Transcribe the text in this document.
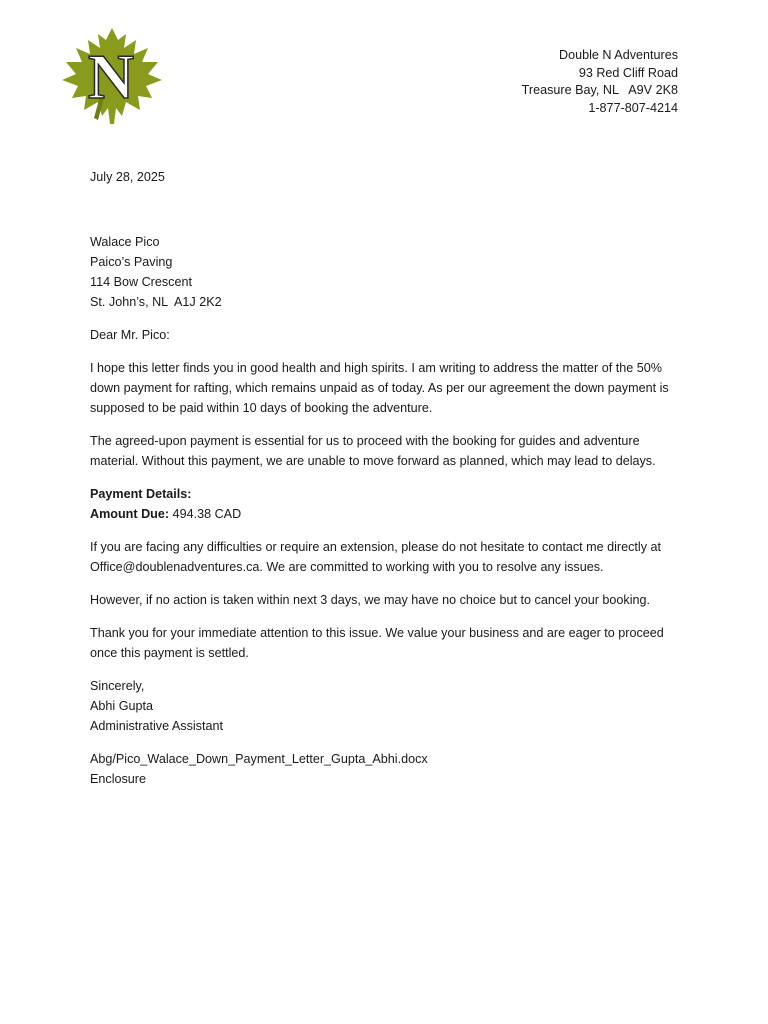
N	Double N Adventures
93 Red Cliff Road
Treasure Bay, NL   A9V 2K8
1-877-807-4214

July 28, 2025

Walace Pico
Paico’s Paving
114 Bow Crescent
St. John’s, NL  A1J 2K2

Dear Mr. Pico:

I hope this letter finds you in good health and high spirits. I am writing to address the matter of the 50% down payment for rafting, which remains unpaid as of today. As per our agreement the down payment is supposed to be paid within 10 days of booking the adventure.

The agreed-upon payment is essential for us to proceed with the booking for guides and adventure material. Without this payment, we are unable to move forward as planned, which may lead to delays.

Payment Details:
Amount Due: 494.38 CAD

If you are facing any difficulties or require an extension, please do not hesitate to contact me directly at Office@doublenadventures.ca. We are committed to working with you to resolve any issues.

However, if no action is taken within next 3 days, we may have no choice but to cancel your booking.

Thank you for your immediate attention to this issue. We value your business and are eager to proceed once this payment is settled.

Sincerely,
Abhi Gupta
Administrative Assistant

Abg/Pico_Walace_Down_Payment_Letter_Gupta_Abhi.docx
Enclosure
